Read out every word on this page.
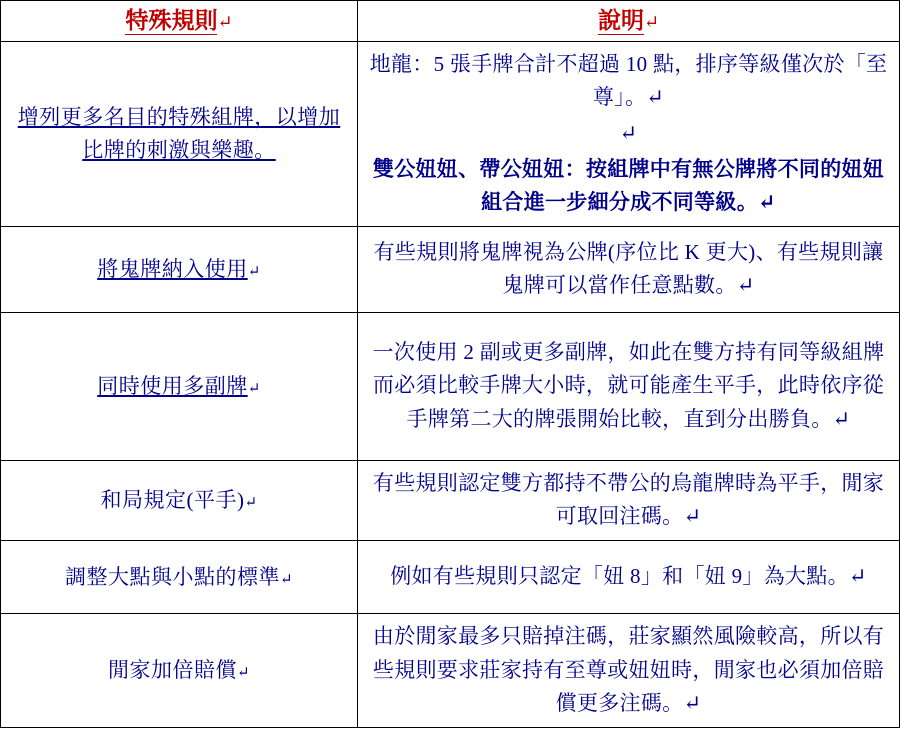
特殊規則↵	說明↵
增列更多名目的特殊組牌，以增加比牌的刺激與樂趣。	地龍：5 張手牌合計不超過 10 點，排序等級僅次於「至尊」。↵
↵
雙公妞妞、帶公妞妞：按組牌中有無公牌將不同的妞妞組合進一步細分成不同等級。↵

將鬼牌納入使用↵	有些規則將鬼牌視為公牌(序位比 K 更大)、有些規則讓鬼牌可以當作任意點數。↵

同時使用多副牌↵	一次使用 2 副或更多副牌，如此在雙方持有同等級組牌而必須比較手牌大小時，就可能產生平手，此時依序從手牌第二大的牌張開始比較，直到分出勝負。↵

和局規定(平手)↵	有些規則認定雙方都持不帶公的烏龍牌時為平手，閒家可取回注碼。↵

調整大點與小點的標準↵	例如有些規則只認定「妞 8」和「妞 9」為大點。↵

閒家加倍賠償↵	由於閒家最多只賠掉注碼，莊家顯然風險較高，所以有些規則要求莊家持有至尊或妞妞時，閒家也必須加倍賠償更多注碼。↵
